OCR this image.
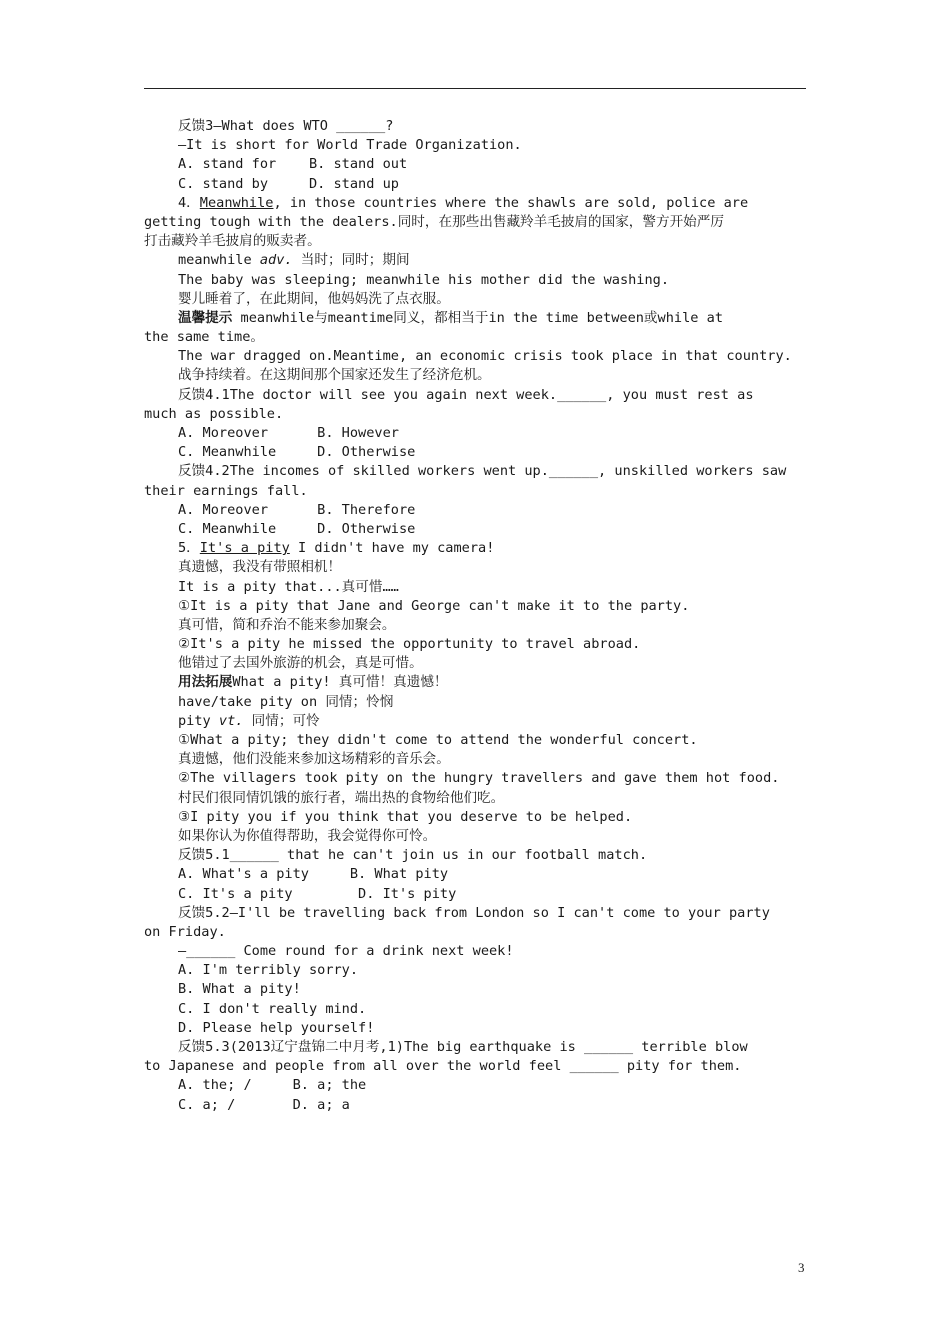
反馈3—What does WTO ______?
—It is short for World Trade Organization.
A. stand for    B. stand out
C. stand by     D. stand up
4．Meanwhile, in those countries where the shawls are sold, police are
getting tough with the dealers.同时，在那些出售藏羚羊毛披肩的国家，警方开始严厉
打击藏羚羊毛披肩的贩卖者。
meanwhile adv. 当时；同时；期间
The baby was sleeping; meanwhile his mother did the washing.
婴儿睡着了，在此期间，他妈妈洗了点衣服。
温馨提示 meanwhile与meantime同义，都相当于in the time between或while at
the same time。
The war dragged on.Meantime, an economic crisis took place in that country.
战争持续着。在这期间那个国家还发生了经济危机。
反馈4.1The doctor will see you again next week.______, you must rest as
much as possible.
A. Moreover      B. However
C. Meanwhile     D. Otherwise
反馈4.2The incomes of skilled workers went up.______, unskilled workers saw
their earnings fall.
A. Moreover      B. Therefore
C. Meanwhile     D. Otherwise
5．It's a pity I didn't have my camera!
真遗憾，我没有带照相机！
It is a pity that...真可惜……
①It is a pity that Jane and George can't make it to the party.
真可惜，简和乔治不能来参加聚会。
②It's a pity he missed the opportunity to travel abroad.
他错过了去国外旅游的机会，真是可惜。
用法拓展What a pity! 真可惜！真遗憾！
have/take pity on 同情；怜悯
pity vt. 同情；可怜
①What a pity; they didn't come to attend the wonderful concert.
真遗憾，他们没能来参加这场精彩的音乐会。
②The villagers took pity on the hungry travellers and gave them hot food.
村民们很同情饥饿的旅行者，端出热的食物给他们吃。
③I pity you if you think that you deserve to be helped.
如果你认为你值得帮助，我会觉得你可怜。
反馈5.1______ that he can't join us in our football match.
A. What's a pity     B. What pity
C. It's a pity        D. It's pity
反馈5.2—I'll be travelling back from London so I can't come to your party
on Friday.
—______ Come round for a drink next week!
A. I'm terribly sorry.
B. What a pity!
C. I don't really mind.
D. Please help yourself!
反馈5.3(2013辽宁盘锦二中月考,1)The big earthquake is ______ terrible blow
to Japanese and people from all over the world feel ______ pity for them.
A. the; /     B. a; the
C. a; /       D. a; a
3
